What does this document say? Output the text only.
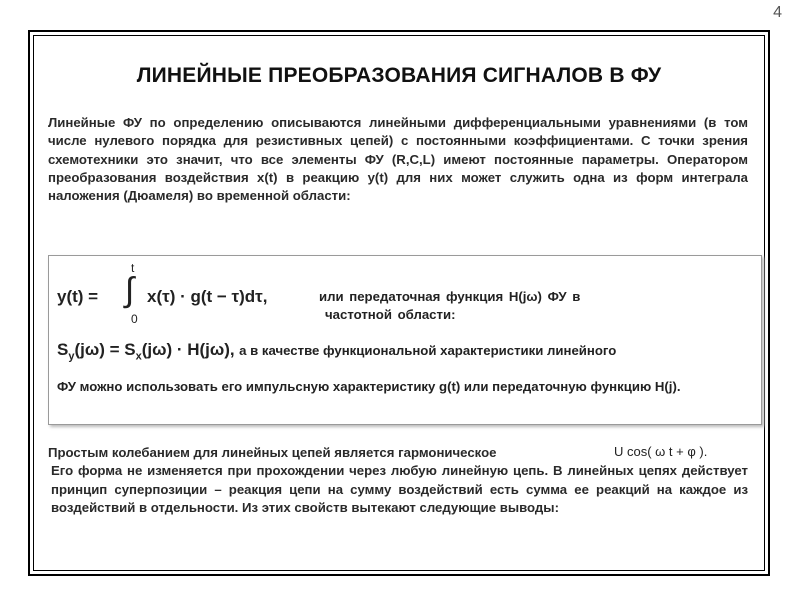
4
ЛИНЕЙНЫЕ ПРЕОБРАЗОВАНИЯ СИГНАЛОВ В ФУ
Линейные ФУ по определению описываются линейными дифференциальными уравнениями (в том числе нулевого порядка для резистивных цепей) с постоянными коэффициентами. С точки зрения схемотехники это значит, что все элементы ФУ (R,C,L) имеют постоянные параметры. Оператором преобразования воздействия x(t) в реакцию y(t) для них может служить одна из форм интеграла наложения (Дюамеля) во временной области:
y(t) =
t
∫
0
x(τ) · g(t − τ)dτ,	или передаточная функция H(jω) ФУ в
частотной области:
$S_y(j\omega) = S_x(j\omega) \cdot H(j\omega)$, а в качестве функциональной характеристики линейного
ФУ можно использовать его импульсную характеристику g(t) или передаточную функцию H(j).
Простым колебанием для линейных цепей является гармоническое	U cos( ω t + φ ).
Его форма не изменяется при прохождении через любую линейную цепь. В линейных цепях действует принцип суперпозиции – реакция цепи на сумму воздействий есть сумма ее реакций на каждое из воздействий в отдельности. Из этих свойств вытекают следующие выводы:
